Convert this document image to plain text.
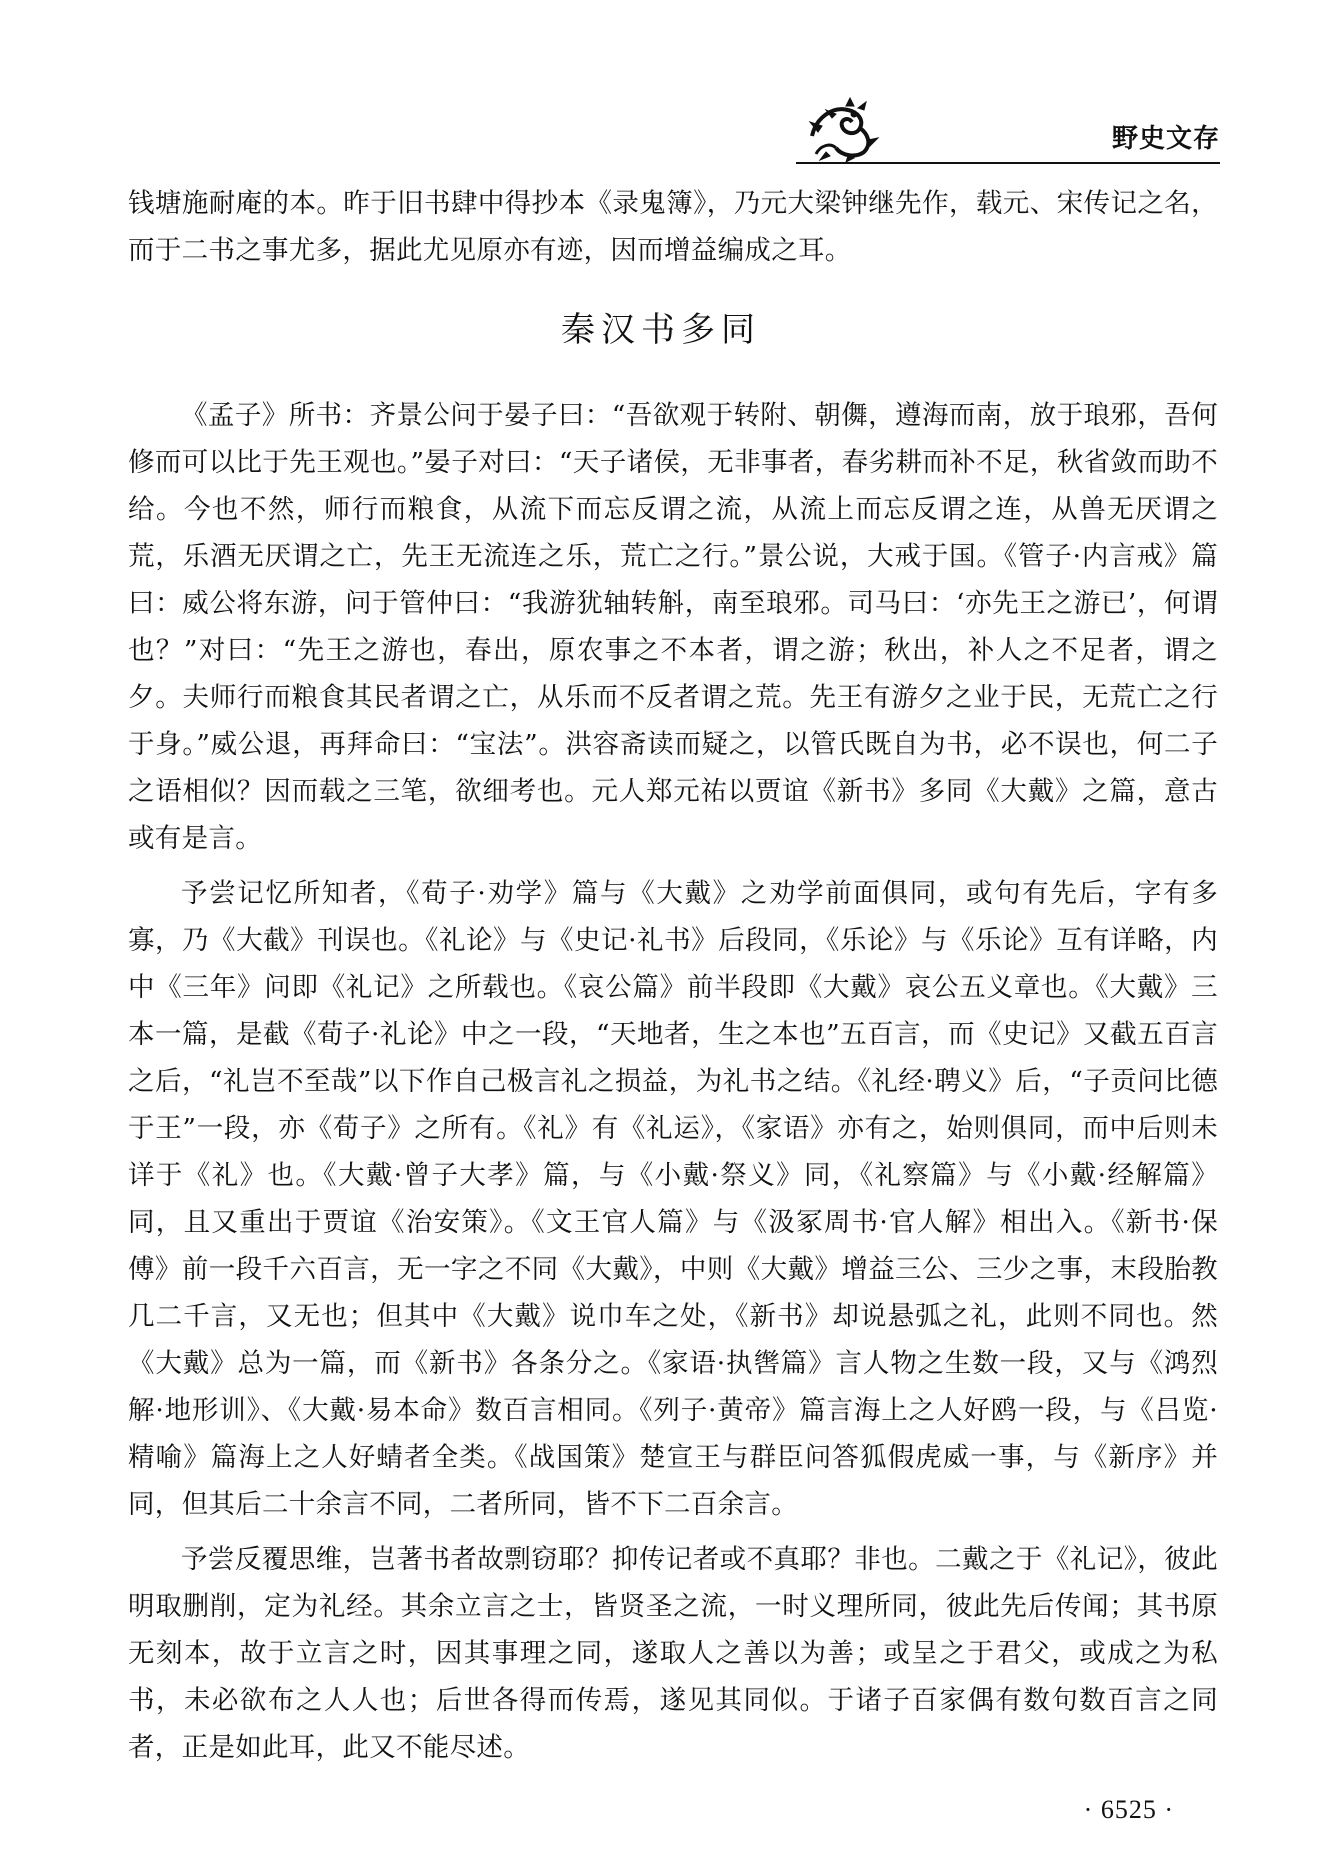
野史文存

钱塘施耐庵的本。昨于旧书肆中得抄本《录鬼簿》，乃元大梁钟继先作，载元、宋传记之名，而于二书之事尤多，据此尤见原亦有迹，因而增益编成之耳。

秦汉书多同

《孟子》所书：齐景公问于晏子曰：“吾欲观于转附、朝儛，遵海而南，放于琅邪，吾何修而可以比于先王观也。”晏子对曰：“天子诸侯，无非事者，春劣耕而补不足，秋省敛而助不给。今也不然，师行而粮食，从流下而忘反谓之流，从流上而忘反谓之连，从兽无厌谓之荒，乐酒无厌谓之亡，先王无流连之乐，荒亡之行。”景公说，大戒于国。《管子·内言戒》篇曰：威公将东游，问于管仲曰：“我游犹轴转斛，南至琅邪。司马曰：‘亦先王之游已’，何谓也？”对曰：“先王之游也，春出，原农事之不本者，谓之游；秋出，补人之不足者，谓之夕。夫师行而粮食其民者谓之亡，从乐而不反者谓之荒。先王有游夕之业于民，无荒亡之行于身。”威公退，再拜命曰：“宝法”。洪容斋读而疑之，以管氏既自为书，必不误也，何二子之语相似？因而载之三笔，欲细考也。元人郑元祐以贾谊《新书》多同《大戴》之篇，意古或有是言。

予尝记忆所知者，《荀子·劝学》篇与《大戴》之劝学前面俱同，或句有先后，字有多寡，乃《大截》刊误也。《礼论》与《史记·礼书》后段同，《乐论》与《乐论》互有详略，内中《三年》问即《礼记》之所载也。《哀公篇》前半段即《大戴》哀公五义章也。《大戴》三本一篇，是截《荀子·礼论》中之一段，“天地者，生之本也”五百言，而《史记》又截五百言之后，“礼岂不至哉”以下作自己极言礼之损益，为礼书之结。《礼经·聘义》后，“子贡问比德于王”一段，亦《荀子》之所有。《礼》有《礼运》，《家语》亦有之，始则俱同，而中后则未详于《礼》也。《大戴·曾子大孝》篇，与《小戴·祭义》同，《礼察篇》与《小戴·经解篇》同，且又重出于贾谊《治安策》。《文王官人篇》与《汲冢周书·官人解》相出入。《新书·保傅》前一段千六百言，无一字之不同《大戴》，中则《大戴》增益三公、三少之事，末段胎教几二千言，又无也；但其中《大戴》说巾车之处，《新书》却说悬弧之礼，此则不同也。然《大戴》总为一篇，而《新书》各条分之。《家语·执辔篇》言人物之生数一段，又与《鸿烈解·地形训》、《大戴·易本命》数百言相同。《列子·黄帝》篇言海上之人好鸥一段，与《吕览·精喻》篇海上之人好蜻者全类。《战国策》楚宣王与群臣问答狐假虎威一事，与《新序》并同，但其后二十余言不同，二者所同，皆不下二百余言。

予尝反覆思维，岂著书者故剽窃耶？抑传记者或不真耶？非也。二戴之于《礼记》，彼此明取删削，定为礼经。其余立言之士，皆贤圣之流，一时义理所同，彼此先后传闻；其书原无刻本，故于立言之时，因其事理之同，遂取人之善以为善；或呈之于君父，或成之为私书，未必欲布之人人也；后世各得而传焉，遂见其同似。于诸子百家偶有数句数百言之同者，正是如此耳，此又不能尽述。

· 6525 ·
